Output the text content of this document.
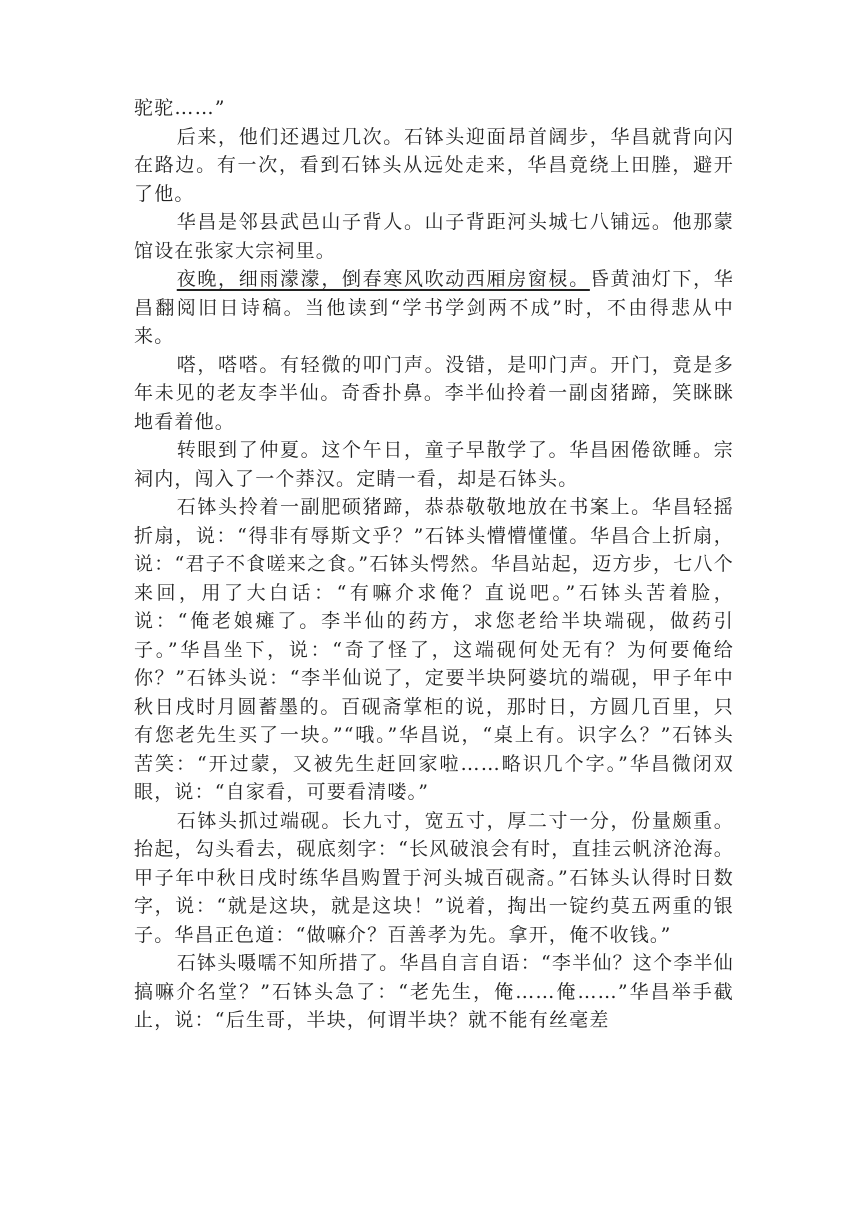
驼驼……”

后来，他们还遇过几次。石钵头迎面昂首阔步，华昌就背向闪在路边。有一次，看到石钵头从远处走来，华昌竟绕上田塍，避开了他。

华昌是邻县武邑山子背人。山子背距河头城七八铺远。他那蒙馆设在张家大宗祠里。

夜晚，细雨濛濛，倒春寒风吹动西厢房窗棂。昏黄油灯下，华昌翻阅旧日诗稿。当他读到“学书学剑两不成”时，不由得悲从中来。

嗒，嗒嗒。有轻微的叩门声。没错，是叩门声。开门，竟是多年未见的老友李半仙。奇香扑鼻。李半仙拎着一副卤猪蹄，笑眯眯地看着他。

转眼到了仲夏。这个午日，童子早散学了。华昌困倦欲睡。宗祠内，闯入了一个莽汉。定睛一看，却是石钵头。

石钵头拎着一副肥硕猪蹄，恭恭敬敬地放在书案上。华昌轻摇折扇，说：“得非有辱斯文乎？”石钵头懵懵懂懂。华昌合上折扇，说：“君子不食嗟来之食。”石钵头愕然。华昌站起，迈方步，七八个来回，用了大白话：“有嘛介求俺？直说吧。”石钵头苦着脸，说：“俺老娘瘫了。李半仙的药方，求您老给半块端砚，做药引子。”华昌坐下，说：“奇了怪了，这端砚何处无有？为何要俺给你？”石钵头说：“李半仙说了，定要半块阿婆坑的端砚，甲子年中秋日戌时月圆蓄墨的。百砚斋掌柜的说，那时日，方圆几百里，只有您老先生买了一块。”“哦。”华昌说，“桌上有。识字么？”石钵头苦笑：“开过蒙，又被先生赶回家啦……略识几个字。”华昌微闭双眼，说：“自家看，可要看清喽。”

石钵头抓过端砚。长九寸，宽五寸，厚二寸一分，份量颇重。抬起，勾头看去，砚底刻字：“长风破浪会有时，直挂云帆济沧海。甲子年中秋日戌时练华昌购置于河头城百砚斋。”石钵头认得时日数字，说：“就是这块，就是这块！”说着，掏出一锭约莫五两重的银子。华昌正色道：“做嘛介？百善孝为先。拿开，俺不收钱。”

石钵头嗫嚅不知所措了。华昌自言自语：“李半仙？这个李半仙搞嘛介名堂？”石钵头急了：“老先生，俺……俺……”华昌举手截止，说：“后生哥，半块，何谓半块？就不能有丝毫差
